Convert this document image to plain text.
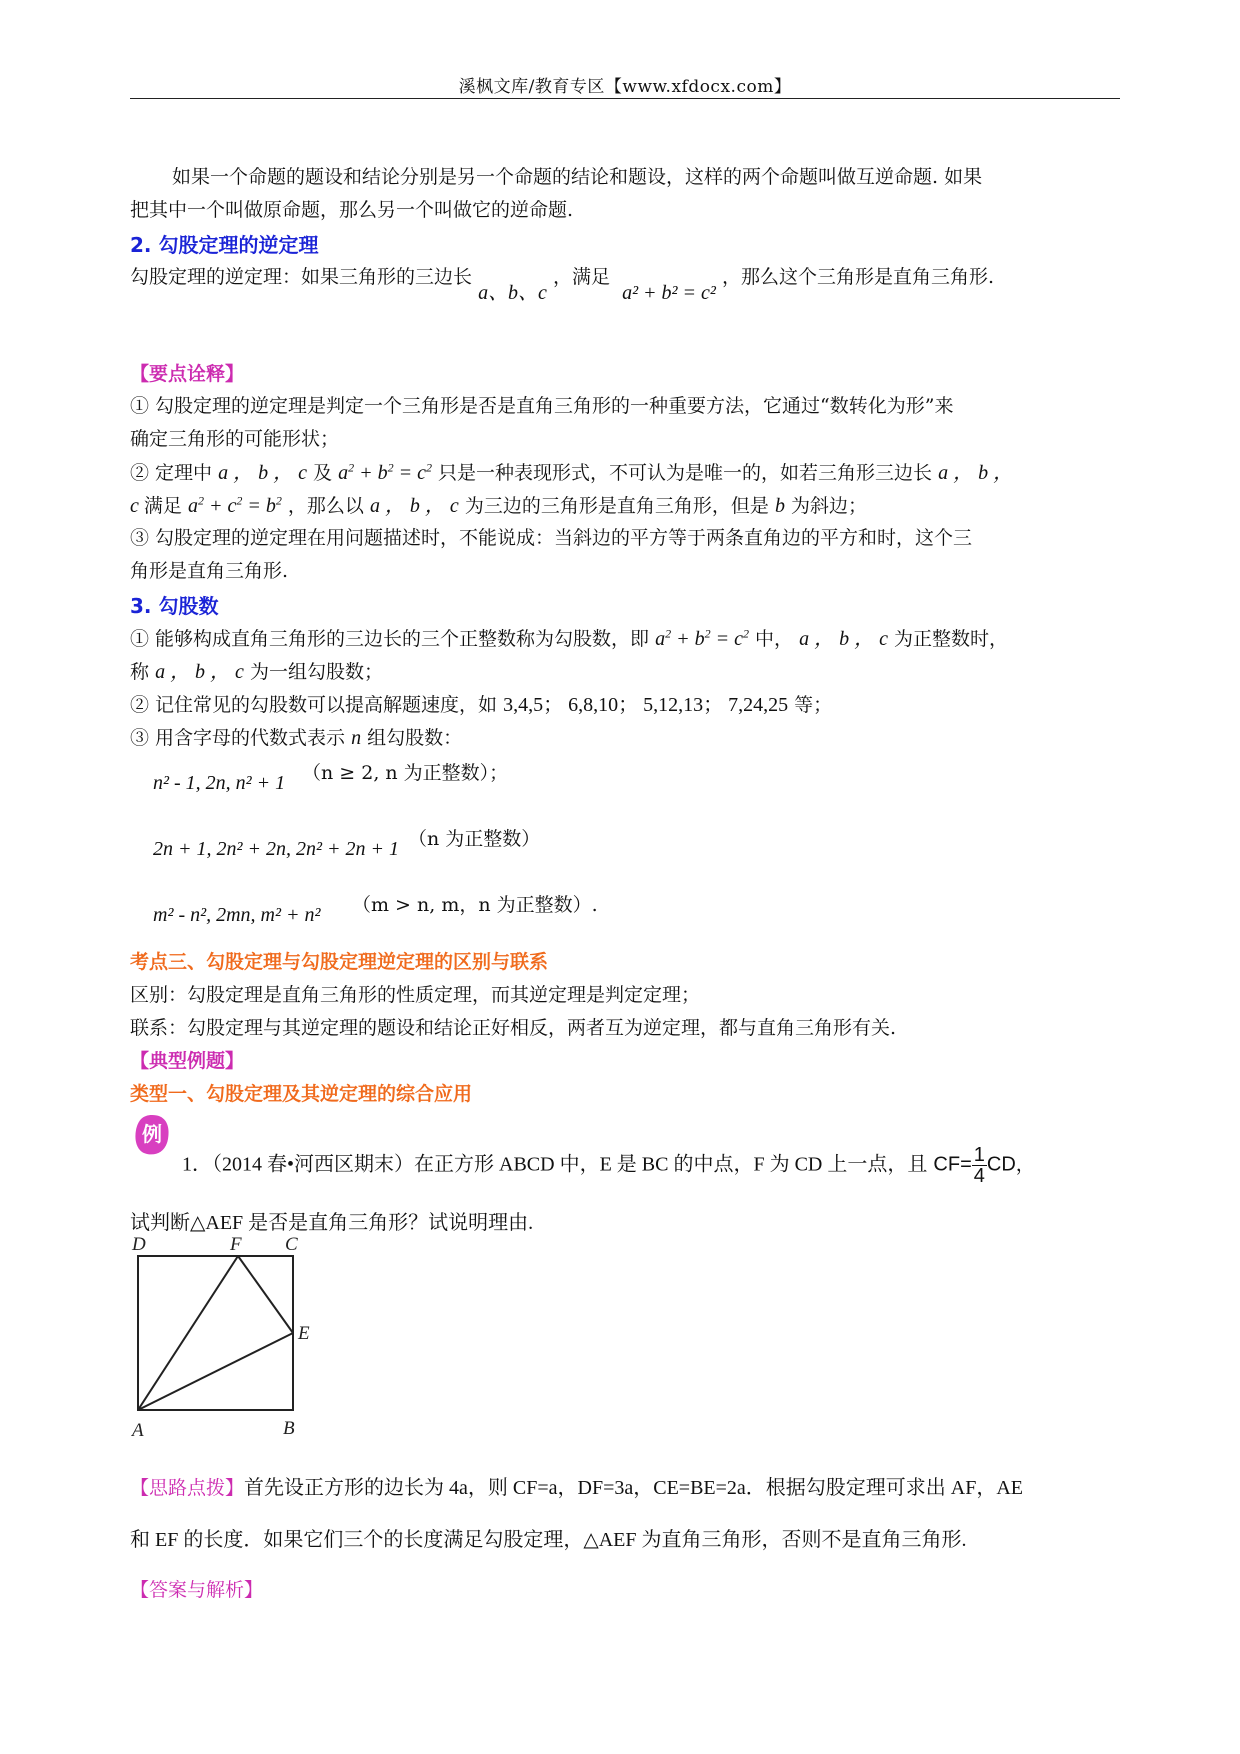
溪枫文库/教育专区【www.xfdocx.com】
如果一个命题的题设和结论分别是另一个命题的结论和题设，这样的两个命题叫做互逆命题. 如果
把其中一个叫做原命题，那么另一个叫做它的逆命题.
2. 勾股定理的逆定理
勾股定理的逆定理：如果三角形的三边长 a、b、c ，满足 a² + b² = c² ，那么这个三角形是直角三角形.
【要点诠释】
① 勾股定理的逆定理是判定一个三角形是否是直角三角形的一种重要方法，它通过“数转化为形”来
确定三角形的可能形状；
② 定理中 a ， b ， c 及 $a^2 + b^2 = c^2$ 只是一种表现形式，不可认为是唯一的，如若三角形三边长 a ， b ，
c 满足 $a^2 + c^2 = b^2$ ，那么以 a ， b ， c 为三边的三角形是直角三角形，但是 b 为斜边；
③ 勾股定理的逆定理在用问题描述时，不能说成：当斜边的平方等于两条直角边的平方和时，这个三
角形是直角三角形.
3. 勾股数
① 能够构成直角三角形的三边长的三个正整数称为勾股数，即 $a^2 + b^2 = c^2$ 中， a ， b ， c 为正整数时，
称 a ， b ， c 为一组勾股数；
② 记住常见的勾股数可以提高解题速度，如 3,4,5； 6,8,10； 5,12,13； 7,24,25 等；
③ 用含字母的代数式表示 n 组勾股数：
n² - 1, 2n, n² + 1 （n ≥ 2, n 为正整数）；
2n + 1, 2n² + 2n, 2n² + 2n + 1 （n 为正整数）
m² - n², 2mn, m² + n² （m > n, m，n 为正整数）.
考点三、勾股定理与勾股定理逆定理的区别与联系
区别：勾股定理是直角三角形的性质定理，而其逆定理是判定定理；
联系：勾股定理与其逆定理的题设和结论正好相反，两者互为逆定理，都与直角三角形有关.
【典型例题】
类型一、勾股定理及其逆定理的综合应用
例
1．（2014 春•河西区期末）在正方形 ABCD 中，E 是 BC 的中点，F 为 CD 上一点，且 $CF= \frac{1}{4}$ CD，
试判断△AEF 是否是直角三角形？试说明理由.
D	F C
E
A	B
【思路点拨】首先设正方形的边长为 4a，则 CF=a，DF=3a，CE=BE=2a．根据勾股定理可求出 AF，AE
和 EF 的长度．如果它们三个的长度满足勾股定理，△AEF 为直角三角形，否则不是直角三角形.
【答案与解析】
